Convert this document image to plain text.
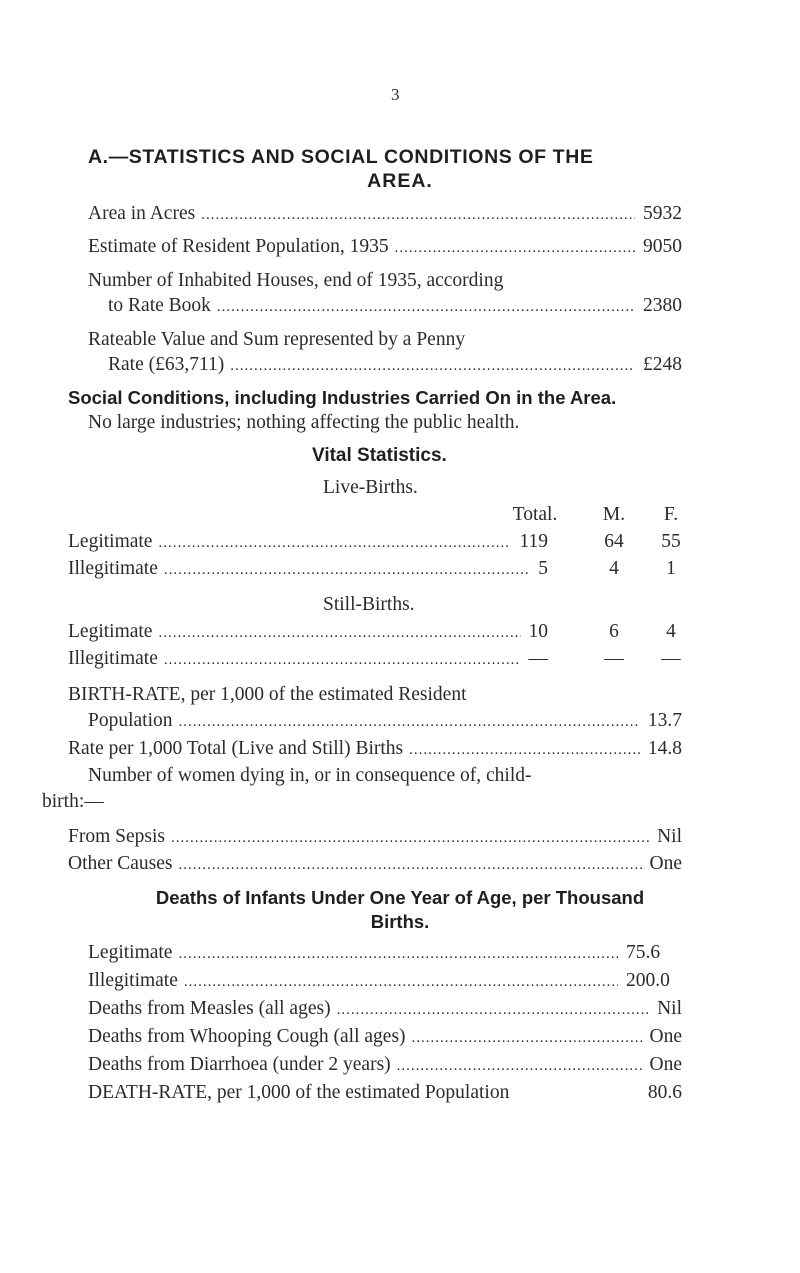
3
A.—STATISTICS AND SOCIAL CONDITIONS OF THE
AREA.
Area in Acres .....	5932
Estimate of Resident Population, 1935 .....	9050
Number of Inhabited Houses, end of 1935, according
to Rate Book .....	2380
Rateable Value and Sum represented by a Penny
Rate (£63,711) .....	£248
Social Conditions, including Industries Carried On in the Area.
No large industries; nothing affecting the public health.
Vital Statistics.
Live-Births.
Total.	M.	F.
Legitimate .....	119	64	55
Illegitimate .....	5	4	1
Still-Births.
Legitimate .....	10	6	4
Illegitimate .....	—	—	—
BIRTH-RATE, per 1,000 of the estimated Resident
Population .....	13.7
Rate per 1,000 Total (Live and Still) Births .....	14.8
Number of women dying in, or in consequence of, child-
birth:—
From Sepsis .....	Nil
Other Causes .....	One
Deaths of Infants Under One Year of Age, per Thousand
Births.
Legitimate .....	75.6
Illegitimate .....	200.0
Deaths from Measles (all ages) .....	Nil
Deaths from Whooping Cough (all ages) .....	One
Deaths from Diarrhoea (under 2 years) .....	One
DEATH-RATE, per 1,000 of the estimated Population	80.6
